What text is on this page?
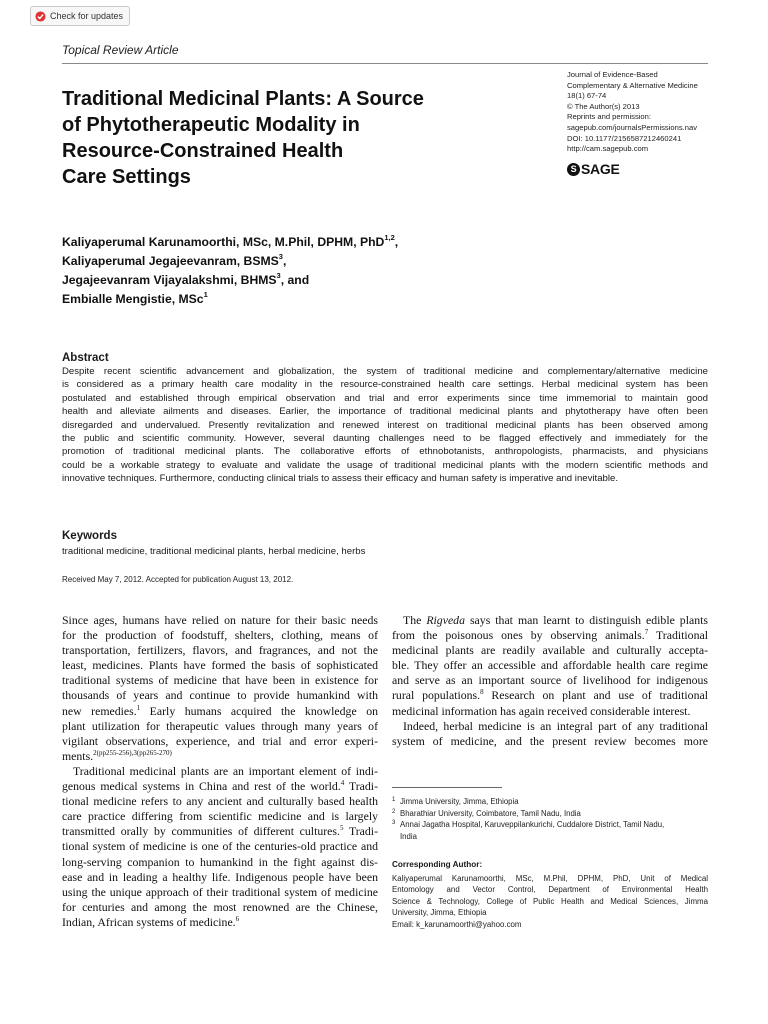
Check for updates
Topical Review Article
Traditional Medicinal Plants: A Source
of Phytotherapeutic Modality in
Resource-Constrained Health
Care Settings
Journal of Evidence-Based
Complementary & Alternative Medicine
18(1) 67-74
© The Author(s) 2013
Reprints and permission:
sagepub.com/journalsPermissions.nav
DOI: 10.1177/2156587212460241
http://cam.sagepub.com
S SAGE
Kaliyaperumal Karunamoorthi, MSc, M.Phil, DPHM, PhD$^{1,2}$,
Kaliyaperumal Jegajeevanram, BSMS$^3$,
Jegajeevanram Vijayalakshmi, BHMS$^3$, and
Embialle Mengistie, MSc$^1$
Abstract
Despite recent scientific advancement and globalization, the system of traditional medicine and complementary/alternative medicine
is considered as a primary health care modality in the resource-constrained health care settings. Herbal medicinal system has been
postulated and established through empirical observation and trial and error experiments since time immemorial to maintain good
health and alleviate ailments and diseases. Earlier, the importance of traditional medicinal plants and phytotherapy have often been
disregarded and undervalued. Presently revitalization and renewed interest on traditional medicinal plants has been observed among
the public and scientific community. However, several daunting challenges need to be flagged effectively and immediately for the
promotion of traditional medicinal plants. The collaborative efforts of ethnobotanists, anthropologists, pharmacists, and physicians
could be a workable strategy to evaluate and validate the usage of traditional medicinal plants with the modern scientific methods and
innovative techniques. Furthermore, conducting clinical trials to assess their efficacy and human safety is imperative and inevitable.
Keywords
traditional medicine, traditional medicinal plants, herbal medicine, herbs
Received May 7, 2012. Accepted for publication August 13, 2012.
Since ages, humans have relied on nature for their basic needs
for the production of foodstuff, shelters, clothing, means of
transportation, fertilizers, flavors, and fragrances, and not the
least, medicines. Plants have formed the basis of sophisticated
traditional systems of medicine that have been in existence for
thousands of years and continue to provide humankind with
new remedies.$^1$ Early humans acquired the knowledge on
plant utilization for therapeutic values through many years of
vigilant observations, experience, and trial and error experi-
ments.$^{2(pp255-256),3(pp265-270)}$
Traditional medicinal plants are an important element of indi-
genous medical systems in China and rest of the world.$^4$ Tradi-
tional medicine refers to any ancient and culturally based health
care practice differing from scientific medicine and is largely
transmitted orally by communities of different cultures.$^5$ Tradi-
tional system of medicine is one of the centuries-old practice and
long-serving companion to humankind in the fight against dis-
ease and in leading a healthy life. Indigenous people have been
using the unique approach of their traditional system of medicine
for centuries and among the most renowned are the Chinese,
Indian, African systems of medicine.$^6$
The Rigveda says that man learnt to distinguish edible plants
from the poisonous ones by observing animals.$^7$ Traditional
medicinal plants are readily available and culturally accepta-
ble. They offer an accessible and affordable health care regime
and serve as an important source of livelihood for indigenous
rural populations.$^8$ Research on plant and use of traditional
medicinal information has again received considerable interest.
Indeed, herbal medicine is an integral part of any traditional
system of medicine, and the present review becomes more
1 Jimma University, Jimma, Ethiopia
2 Bharathiar University, Coimbatore, Tamil Nadu, India
3 Annai Jagatha Hospital, Karuveppilankurichi, Cuddalore District, Tamil Nadu,
India
Corresponding Author:
Kaliyaperumal Karunamoorthi, MSc, M.Phil, DPHM, PhD, Unit of Medical
Entomology and Vector Control, Department of Environmental Health
Science & Technology, College of Public Health and Medical Sciences, Jimma
University, Jimma, Ethiopia
Email: k_karunamoorthi@yahoo.com
